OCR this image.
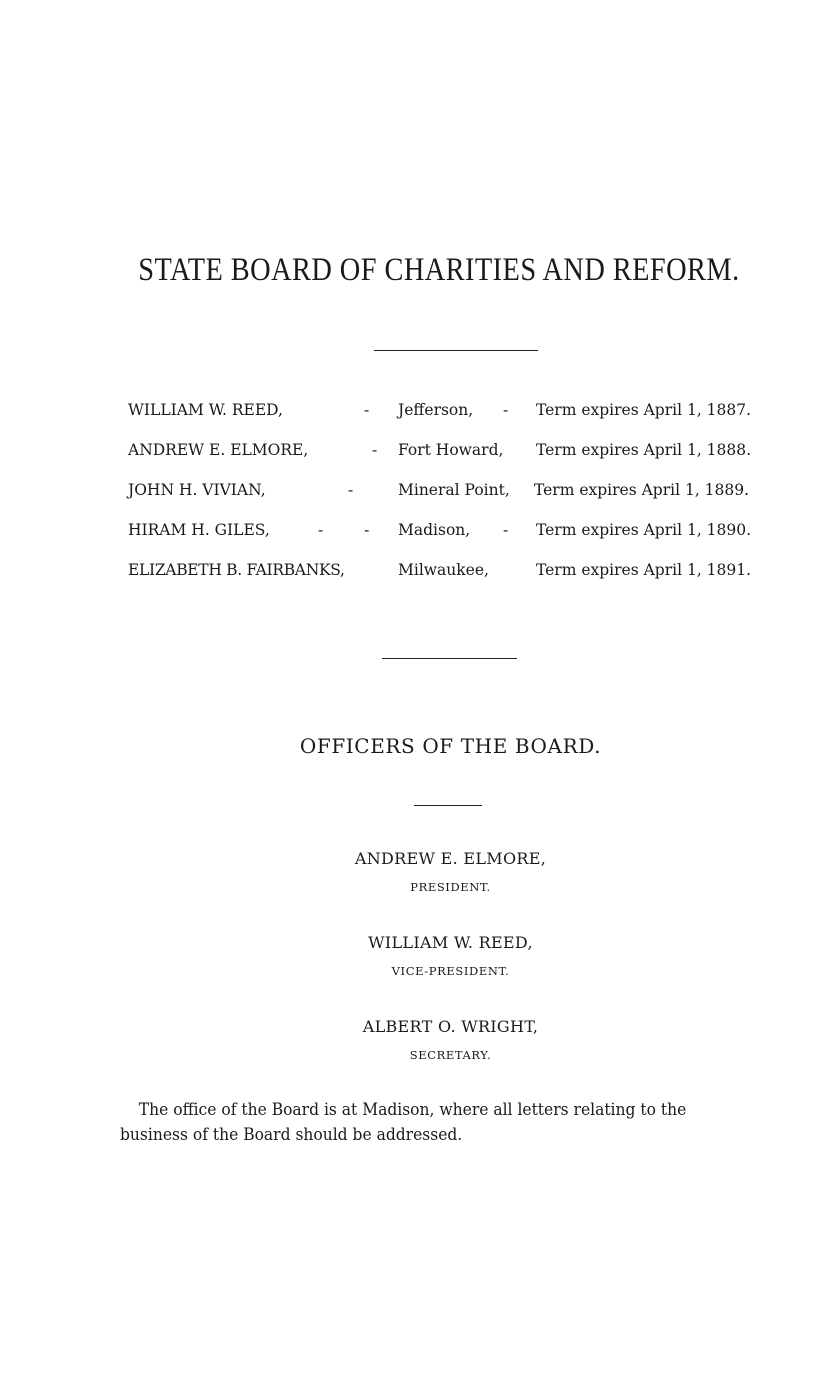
STATE BOARD OF CHARITIES AND REFORM.
WILLIAM W. REED,	- Jefferson, - Term expires April 1, 1887.
ANDREW E. ELMORE,	- Fort Howard, Term expires April 1, 1888.
JOHN H. VIVIAN,	-	Mineral Point, Term expires April 1, 1889.
HIRAM H. GILES,	- - Madison, - Term expires April 1, 1890.
ELIZABETH B. FAIRBANKS,	Milwaukee,	Term expires April 1, 1891.
OFFICERS OF THE BOARD.
ANDREW E. ELMORE,
PRESIDENT.
WILLIAM W. REED,
VICE-PRESIDENT.
ALBERT O. WRIGHT,
SECRETARY.
The office of the Board is at Madison, where all letters relating to the
business of the Board should be addressed.
